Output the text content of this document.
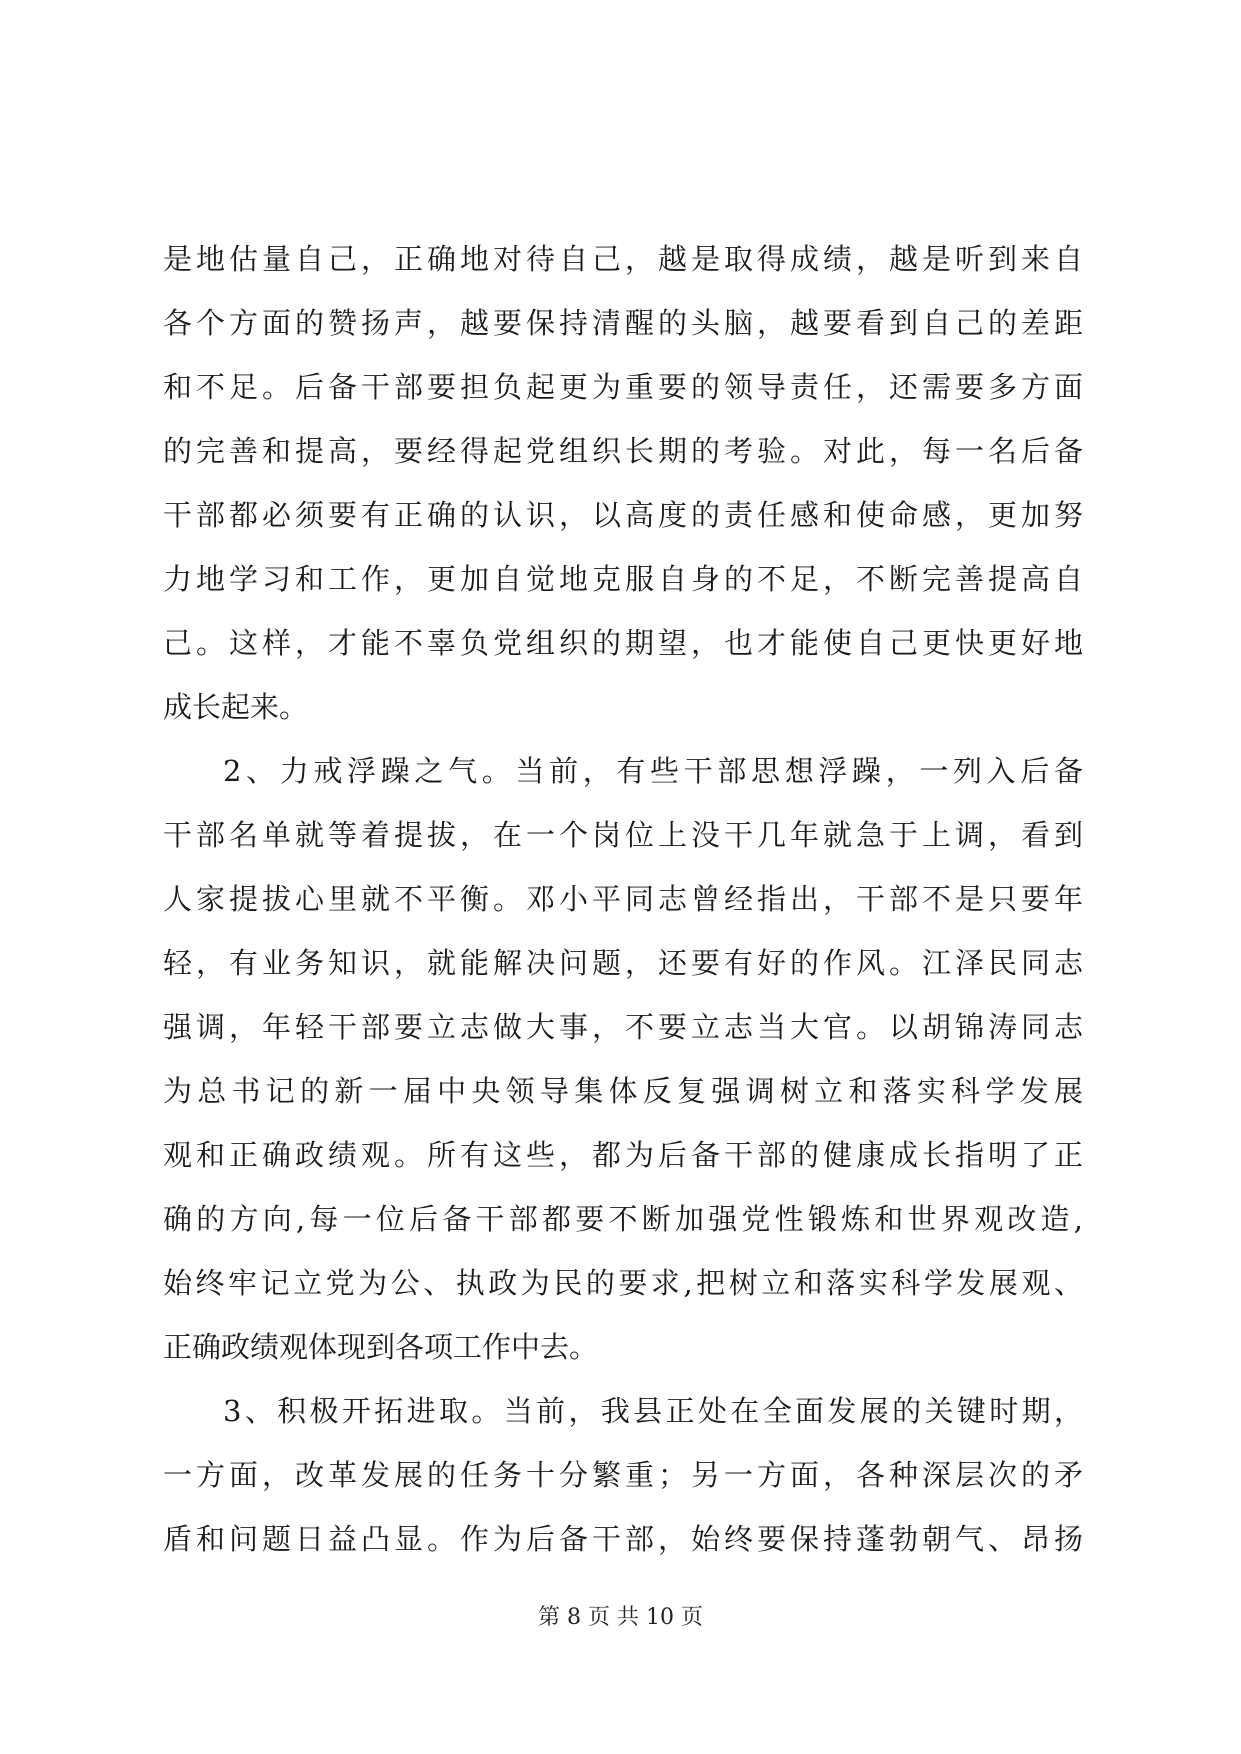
是地估量自己，正确地对待自己，越是取得成绩，越是听到来自
各个方面的赞扬声，越要保持清醒的头脑，越要看到自己的差距
和不足。后备干部要担负起更为重要的领导责任，还需要多方面
的完善和提高，要经得起党组织长期的考验。对此，每一名后备
干部都必须要有正确的认识，以高度的责任感和使命感，更加努
力地学习和工作，更加自觉地克服自身的不足，不断完善提高自
己。这样，才能不辜负党组织的期望，也才能使自己更快更好地
成长起来。
2、力戒浮躁之气。当前，有些干部思想浮躁，一列入后备
干部名单就等着提拔，在一个岗位上没干几年就急于上调，看到
人家提拔心里就不平衡。邓小平同志曾经指出，干部不是只要年
轻，有业务知识，就能解决问题，还要有好的作风。江泽民同志
强调，年轻干部要立志做大事，不要立志当大官。以胡锦涛同志
为总书记的新一届中央领导集体反复强调树立和落实科学发展
观和正确政绩观。所有这些，都为后备干部的健康成长指明了正
确的方向,每一位后备干部都要不断加强党性锻炼和世界观改造,
始终牢记立党为公、执政为民的要求,把树立和落实科学发展观、
正确政绩观体现到各项工作中去。
3、积极开拓进取。当前，我县正处在全面发展的关键时期，
一方面，改革发展的任务十分繁重；另一方面，各种深层次的矛
盾和问题日益凸显。作为后备干部，始终要保持蓬勃朝气、昂扬
第 8 页 共 10 页
